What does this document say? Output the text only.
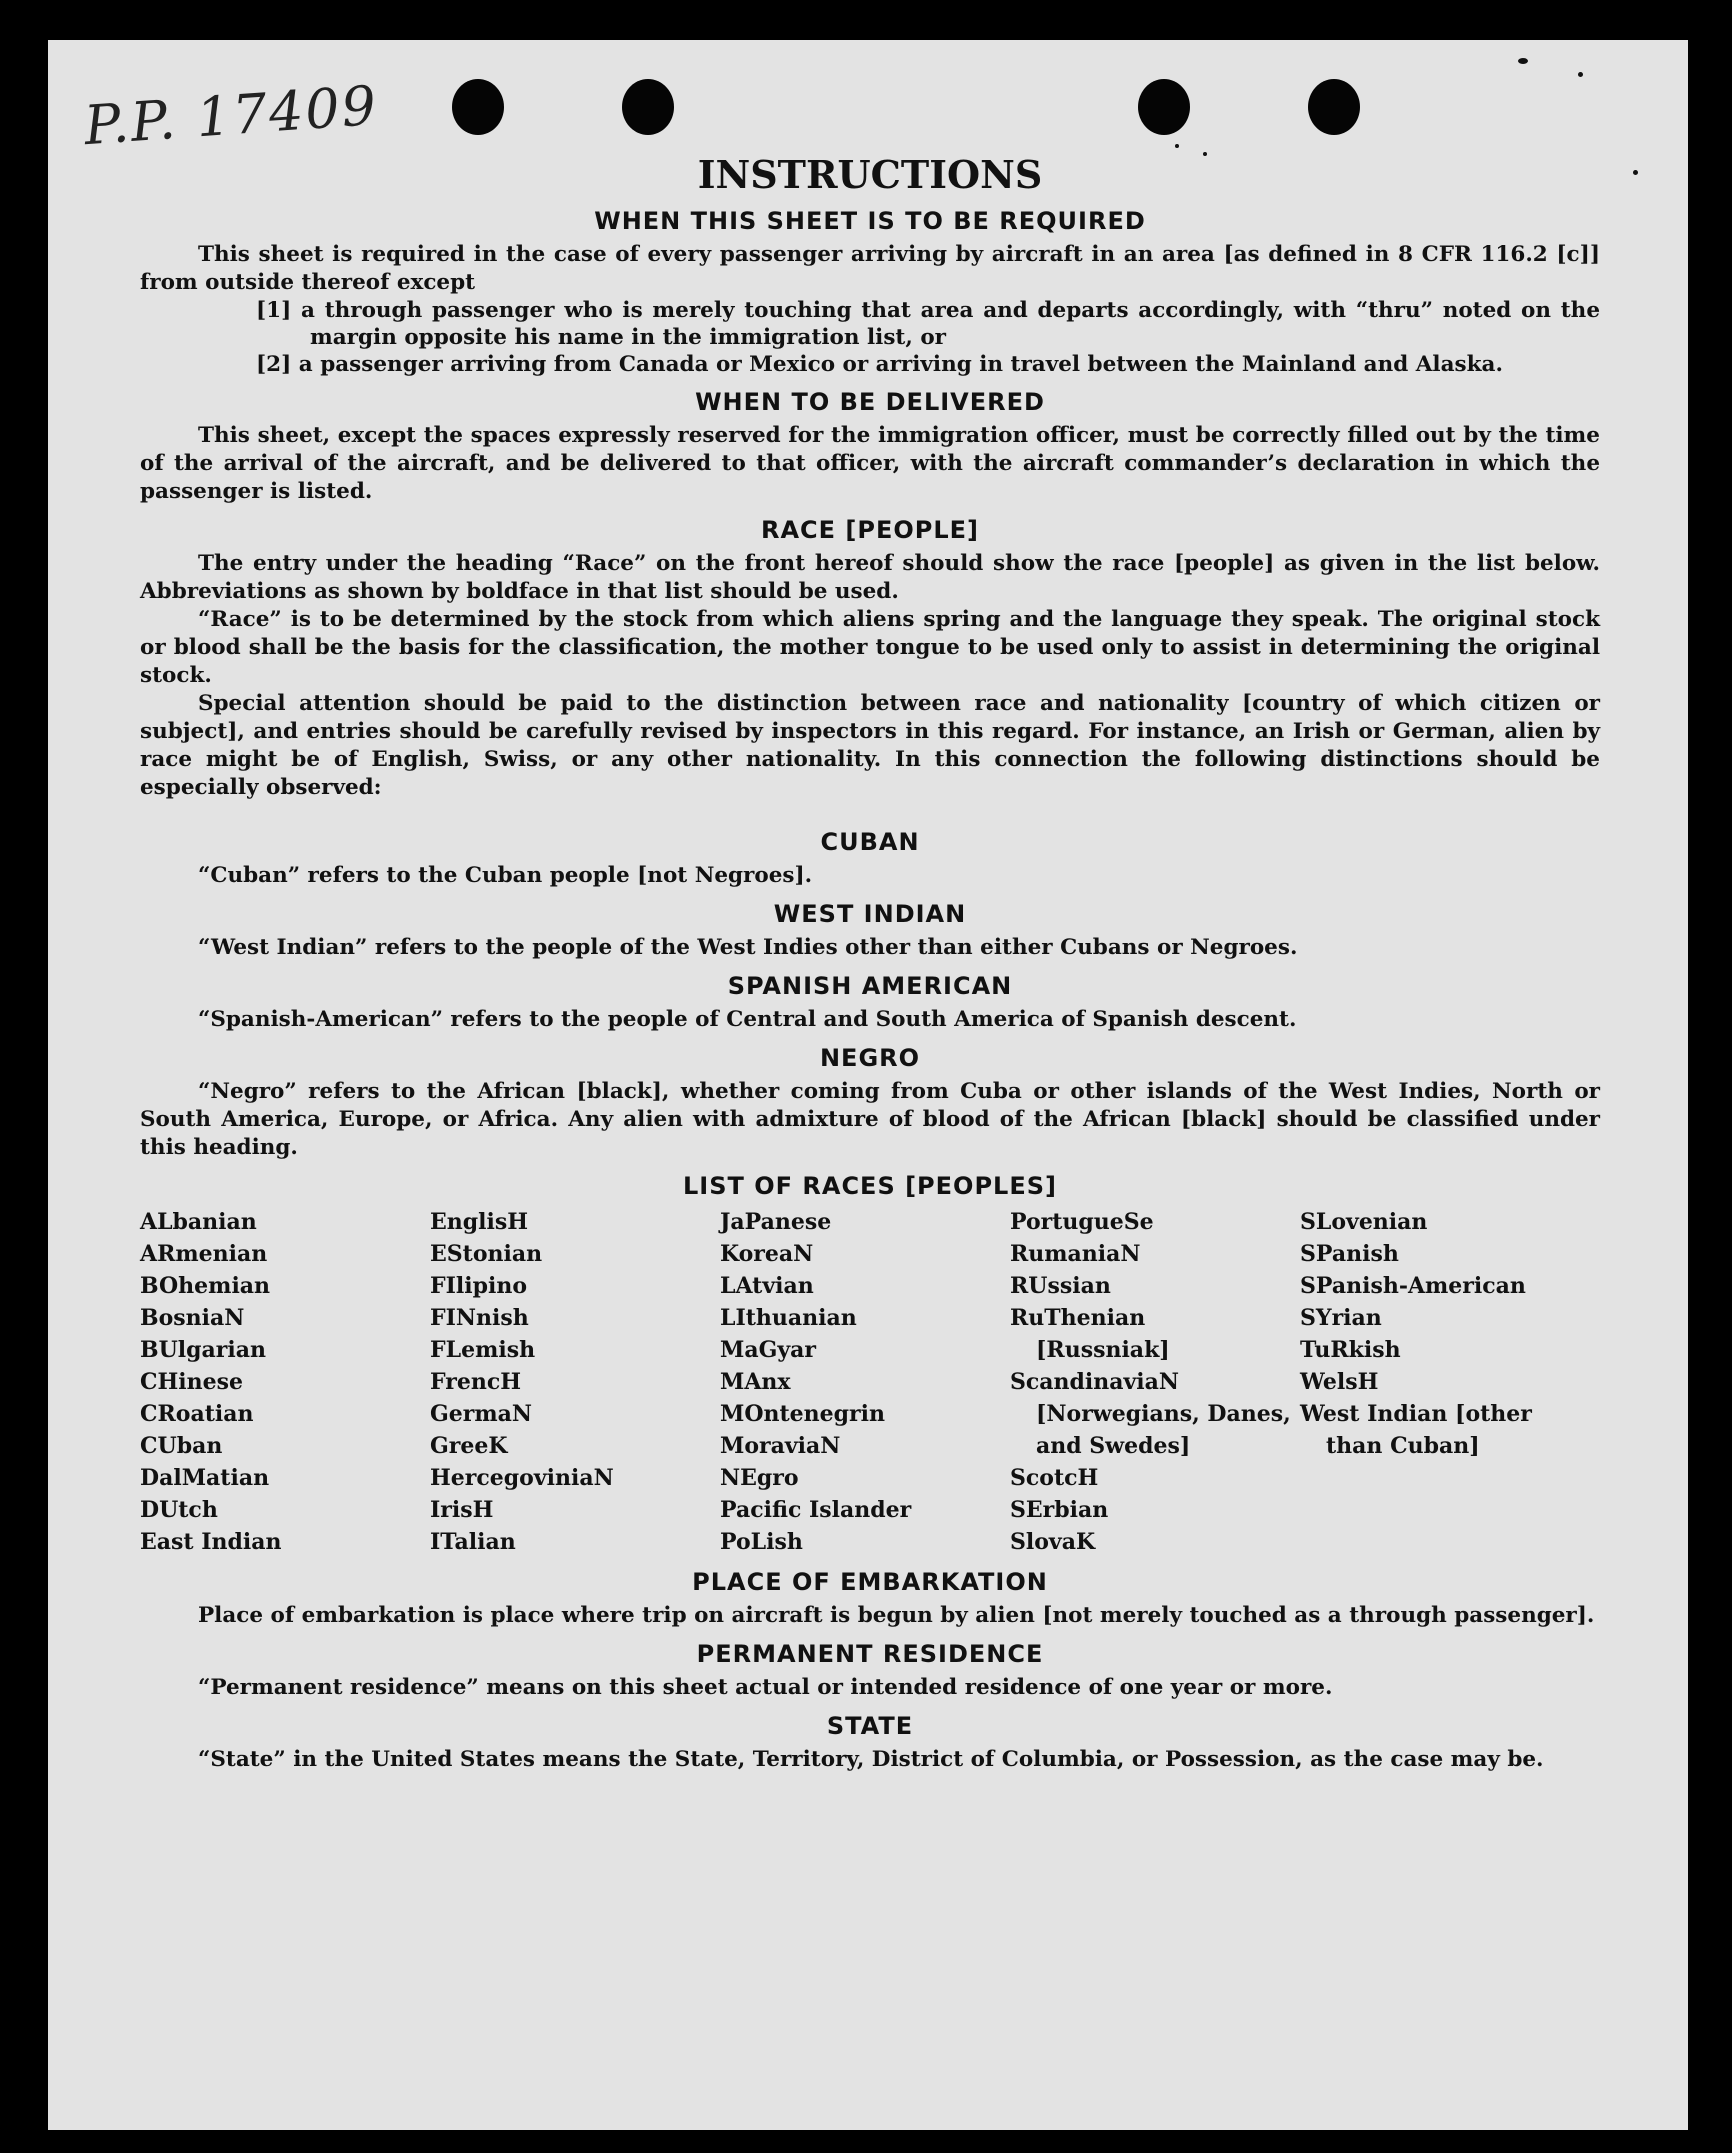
P.P. 17409
INSTRUCTIONS
WHEN THIS SHEET IS TO BE REQUIRED

This sheet is required in the case of every passenger arriving by aircraft in an area [as defined in 8 CFR 116.2 [c]] from outside thereof except

[1] a through passenger who is merely touching that area and departs accordingly, with “thru” noted on the margin opposite his name in the immigration list, or
[2] a passenger arriving from Canada or Mexico or arriving in travel between the Mainland and Alaska.
WHEN TO BE DELIVERED

This sheet, except the spaces expressly reserved for the immigration officer, must be correctly filled out by the time of the arrival of the aircraft, and be delivered to that officer, with the aircraft commander’s declaration in which the passenger is listed.

RACE [PEOPLE]

The entry under the heading “Race” on the front hereof should show the race [people] as given in the list below. Abbreviations as shown by boldface in that list should be used.

“Race” is to be determined by the stock from which aliens spring and the language they speak. The original stock or blood shall be the basis for the classification, the mother tongue to be used only to assist in determining the original stock.

Special attention should be paid to the distinction between race and nationality [country of which citizen or subject], and entries should be carefully revised by inspectors in this regard. For instance, an Irish or German, alien by race might be of English, Swiss, or any other nationality. In this connection the following distinctions should be especially observed:

CUBAN

“Cuban” refers to the Cuban people [not Negroes].

WEST INDIAN

“West Indian” refers to the people of the West Indies other than either Cubans or Negroes.

SPANISH AMERICAN

“Spanish-American” refers to the people of Central and South America of Spanish descent.

NEGRO

“Negro” refers to the African [black], whether coming from Cuba or other islands of the West Indies, North or South America, Europe, or Africa. Any alien with admixture of blood of the African [black] should be classified under this heading.

LIST OF RACES [PEOPLES]
ALbanian
ARmenian
BOhemian
BosniaN
BUlgarian
CHinese
CRoatian
CUban
DalMatian
DUtch
East Indian
EnglisH
EStonian
FIlipino
FINnish
FLemish
FrencH
GermaN
GreeK
HercegoviniaN
IrisH
ITalian
JaPanese
KoreaN
LAtvian
LIthuanian
MaGyar
MAnx
MOntenegrin
MoraviaN
NEgro
Pacific Islander
PoLish
PortugueSe
RumaniaN
RUssian
RuThenian [Russniak]
ScandinaviaN [Norwegians, Danes, and Swedes]
ScotcH
SErbian
SlovaK
SLovenian
SPanish
SPanish-American
SYrian
TuRkish
WelsH
West Indian [other than Cuban]
PLACE OF EMBARKATION

Place of embarkation is place where trip on aircraft is begun by alien [not merely touched as a through passenger].

PERMANENT RESIDENCE

“Permanent residence” means on this sheet actual or intended residence of one year or more.

STATE

“State” in the United States means the State, Territory, District of Columbia, or Possession, as the case may be.
